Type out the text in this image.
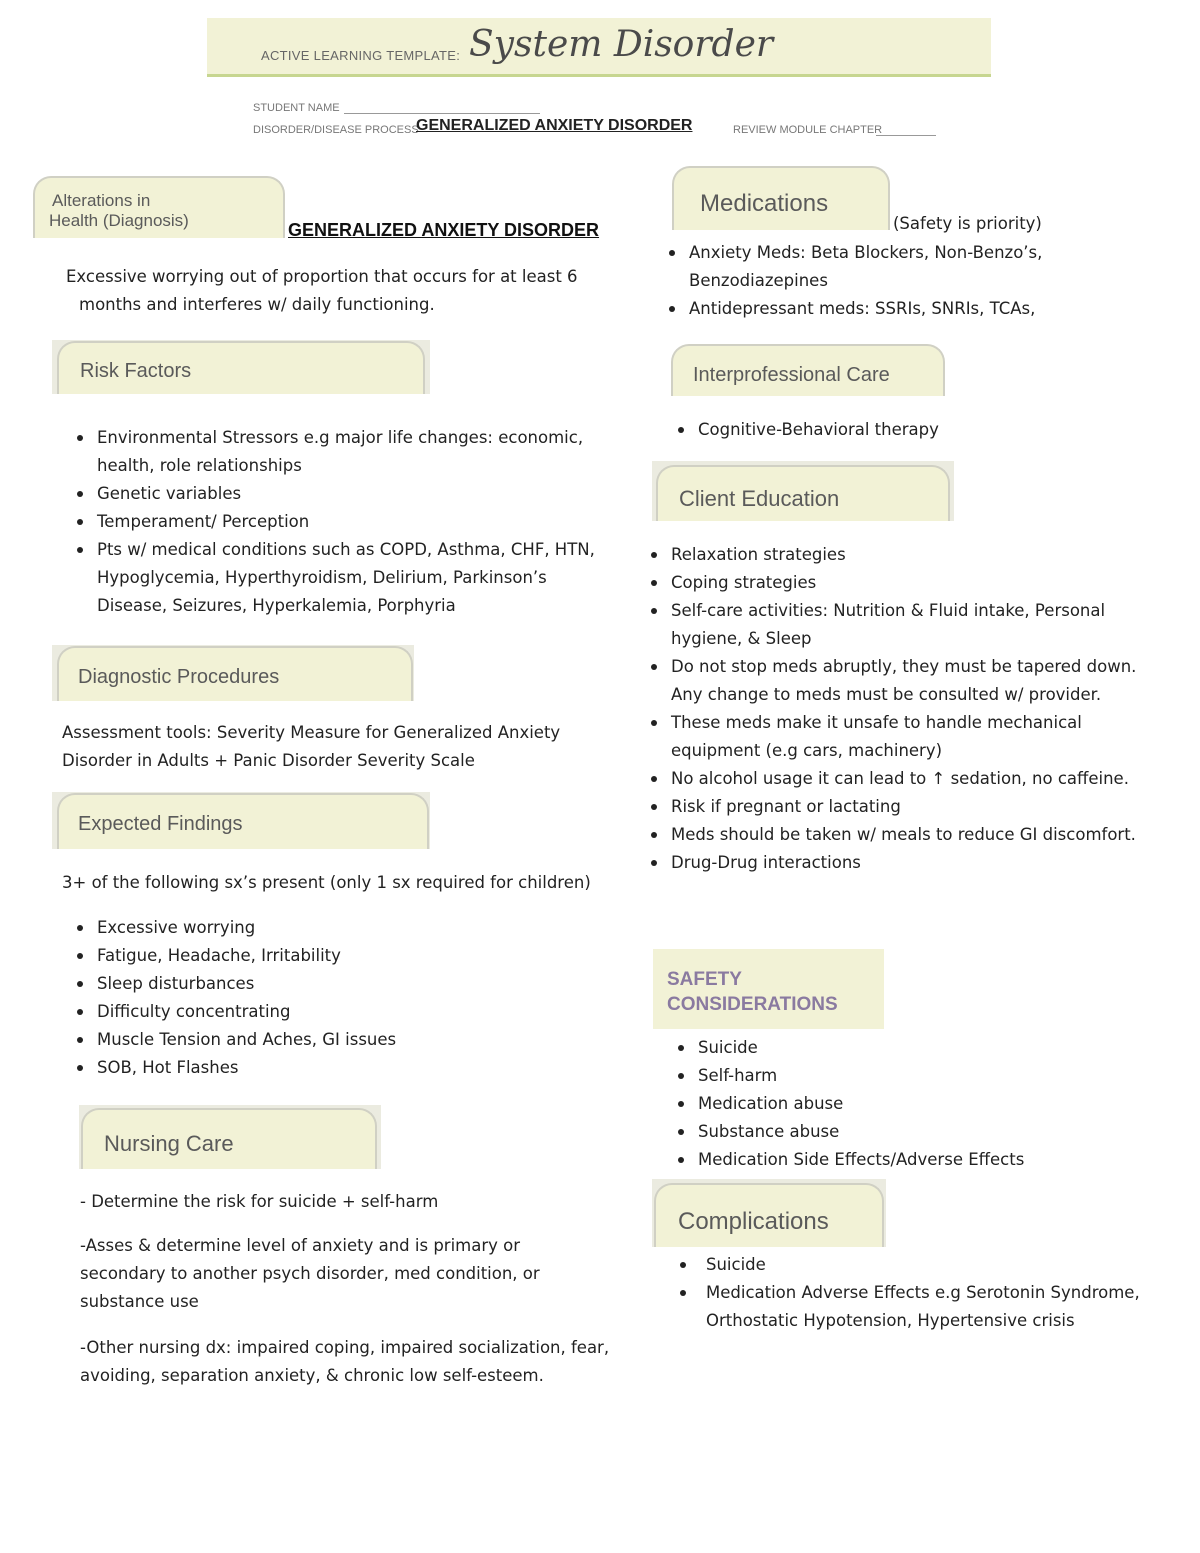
ACTIVE LEARNING TEMPLATE: System Disorder
STUDENT NAME
DISORDER/DISEASE PROCESS
GENERALIZED ANXIETY DISORDER	REVIEW MODULE CHAPTER
Alterations in
Health (Diagnosis)	GENERALIZED ANXIETY DISORDER
Excessive worrying out of proportion that occurs for at least 6 months and interferes w/ daily functioning.
Risk Factors
Environmental Stressors e.g major life changes: economic, health, role relationships
Genetic variables
Temperament/ Perception
Pts w/ medical conditions such as COPD, Asthma, CHF, HTN, Hypoglycemia, Hyperthyroidism, Delirium, Parkinson’s Disease, Seizures, Hyperkalemia, Porphyria
Diagnostic Procedures
Assessment tools: Severity Measure for Generalized Anxiety Disorder in Adults + Panic Disorder Severity Scale
Expected Findings
3+ of the following sx’s present (only 1 sx required for children)
Excessive worrying
Fatigue, Headache, Irritability
Sleep disturbances
Difficulty concentrating
Muscle Tension and Aches, GI issues
SOB, Hot Flashes
Nursing Care
- Determine the risk for suicide + self-harm
-Asses & determine level of anxiety and is primary or secondary to another psych disorder, med condition, or substance use
-Other nursing dx: impaired coping, impaired socialization, fear, avoiding, separation anxiety, & chronic low self-esteem.
Medications
(Safety is priority)
Anxiety Meds: Beta Blockers, Non-Benzo’s, Benzodiazepines
Antidepressant meds: SSRIs, SNRIs, TCAs,
Interprofessional Care
Cognitive-Behavioral therapy
Client Education
Relaxation strategies
Coping strategies
Self-care activities: Nutrition & Fluid intake, Personal hygiene, & Sleep
Do not stop meds abruptly, they must be tapered down. Any change to meds must be consulted w/ provider.
These meds make it unsafe to handle mechanical equipment (e.g cars, machinery)
No alcohol usage it can lead to ↑ sedation, no caffeine.
Risk if pregnant or lactating
Meds should be taken w/ meals to reduce GI discomfort.
Drug-Drug interactions
SAFETY
CONSIDERATIONS
Suicide
Self-harm
Medication abuse
Substance abuse
Medication Side Effects/Adverse Effects
Complications
Suicide
Medication Adverse Effects e.g Serotonin Syndrome, Orthostatic Hypotension, Hypertensive crisis
